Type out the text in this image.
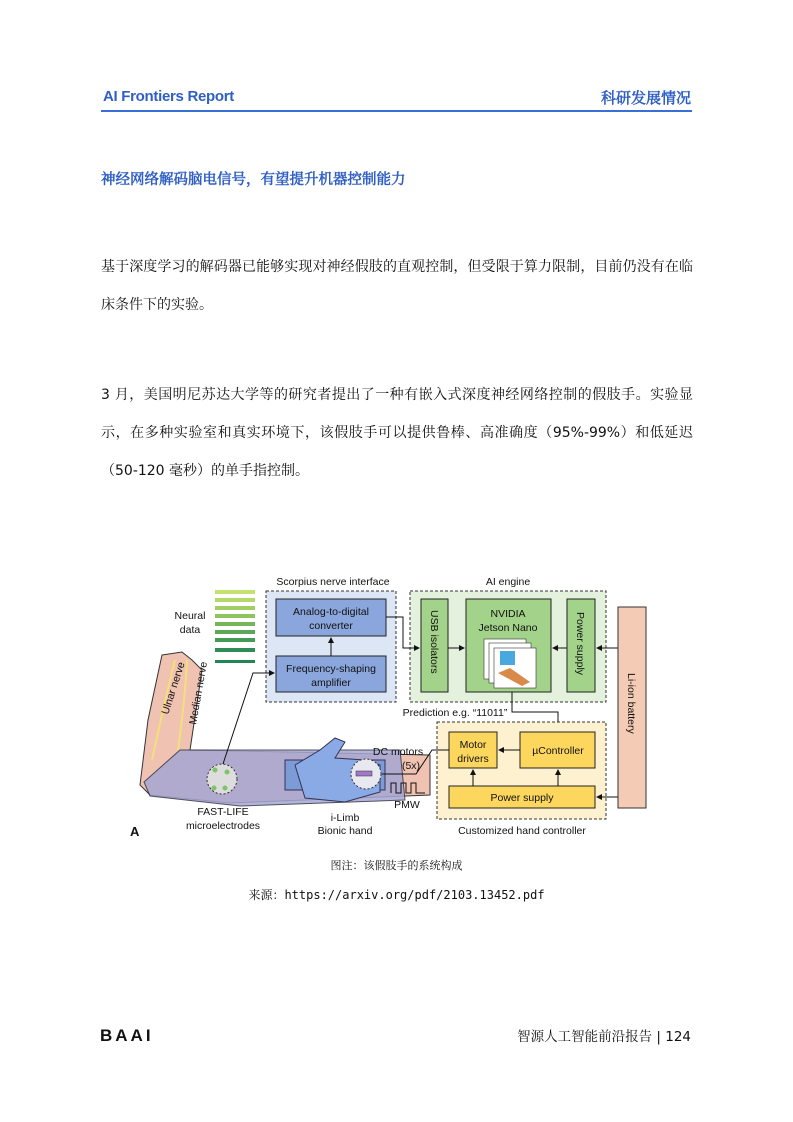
AI Frontiers Report	科研发展情况
神经网络解码脑电信号，有望提升机器控制能力
基于深度学习的解码器已能够实现对神经假肢的直观控制，但受限于算力限制，目前仍没有在临床条件下的实验。
3 月，美国明尼苏达大学等的研究者提出了一种有嵌入式深度神经网络控制的假肢手。实验显示，在多种实验室和真实环境下，该假肢手可以提供鲁棒、高准确度（95%-99%）和低延迟（50-120 毫秒）的单手指控制。
Neural
data
Ulnar nerve Median nerve
FAST-LIFE
microelectrodes
i-Limb
Bionic hand
DC motors
(5x)
PMW
A
Scorpius nerve interface
Analog-to-digital
converter
Frequency-shaping
amplifier
AI engine
USB isolators	NVIDIA
Jetson Nano	Power supply
Li-ion battery
Prediction e.g. “11011”
Customized hand controller
Motor
drivers
µController
Power supply
图注：该假肢手的系统构成
来源：https://arxiv.org/pdf/2103.13452.pdf
BAAI	智源人工智能前沿报告 | 124
